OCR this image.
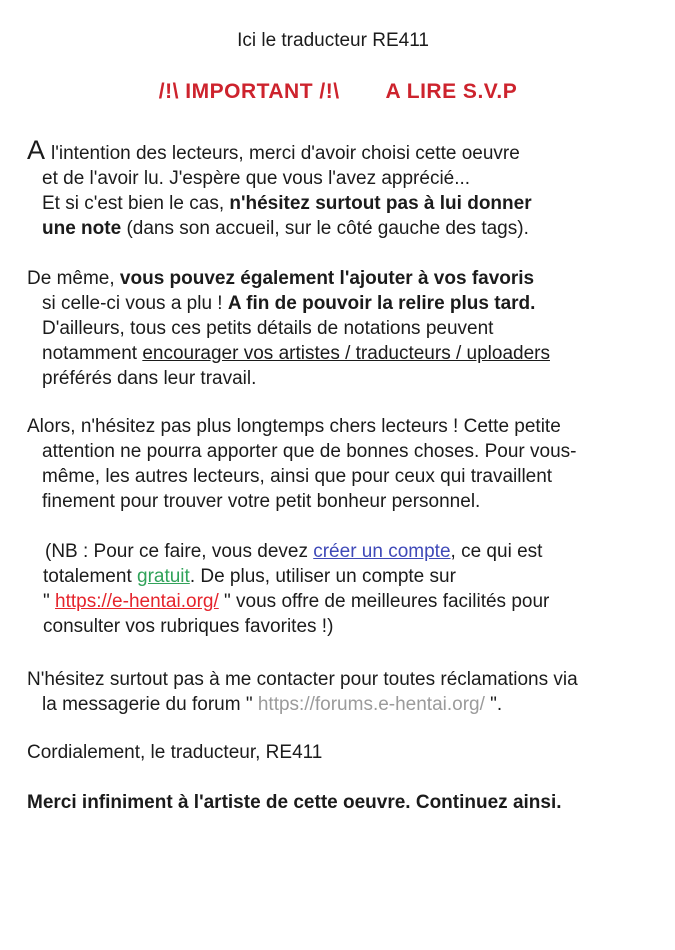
Ici le traducteur RE411
/!\ IMPORTANT /!\ A LIRE S.V.P

A l'intention des lecteurs, merci d'avoir choisi cette oeuvre
et de l'avoir lu. J'espère que vous l'avez apprécié...
Et si c'est bien le cas, n'hésitez surtout pas à lui donner
une note (dans son accueil, sur le côté gauche des tags).

De même, vous pouvez également l'ajouter à vos favoris
si celle-ci vous a plu ! A fin de pouvoir la relire plus tard.
D'ailleurs, tous ces petits détails de notations peuvent
notamment encourager vos artistes / traducteurs / uploaders
préférés dans leur travail.

Alors, n'hésitez pas plus longtemps chers lecteurs ! Cette petite
attention ne pourra apporter que de bonnes choses. Pour vous-
même, les autres lecteurs, ainsi que pour ceux qui travaillent
finement pour trouver votre petit bonheur personnel.

(NB : Pour ce faire, vous devez créer un compte, ce qui est
totalement gratuit. De plus, utiliser un compte sur
" https://e-hentai.org/ " vous offre de meilleures facilités pour
consulter vos rubriques favorites !)

N'hésitez surtout pas à me contacter pour toutes réclamations via
la messagerie du forum " https://forums.e-hentai.org/ ".

Cordialement, le traducteur, RE411

Merci infiniment à l'artiste de cette oeuvre. Continuez ainsi.
